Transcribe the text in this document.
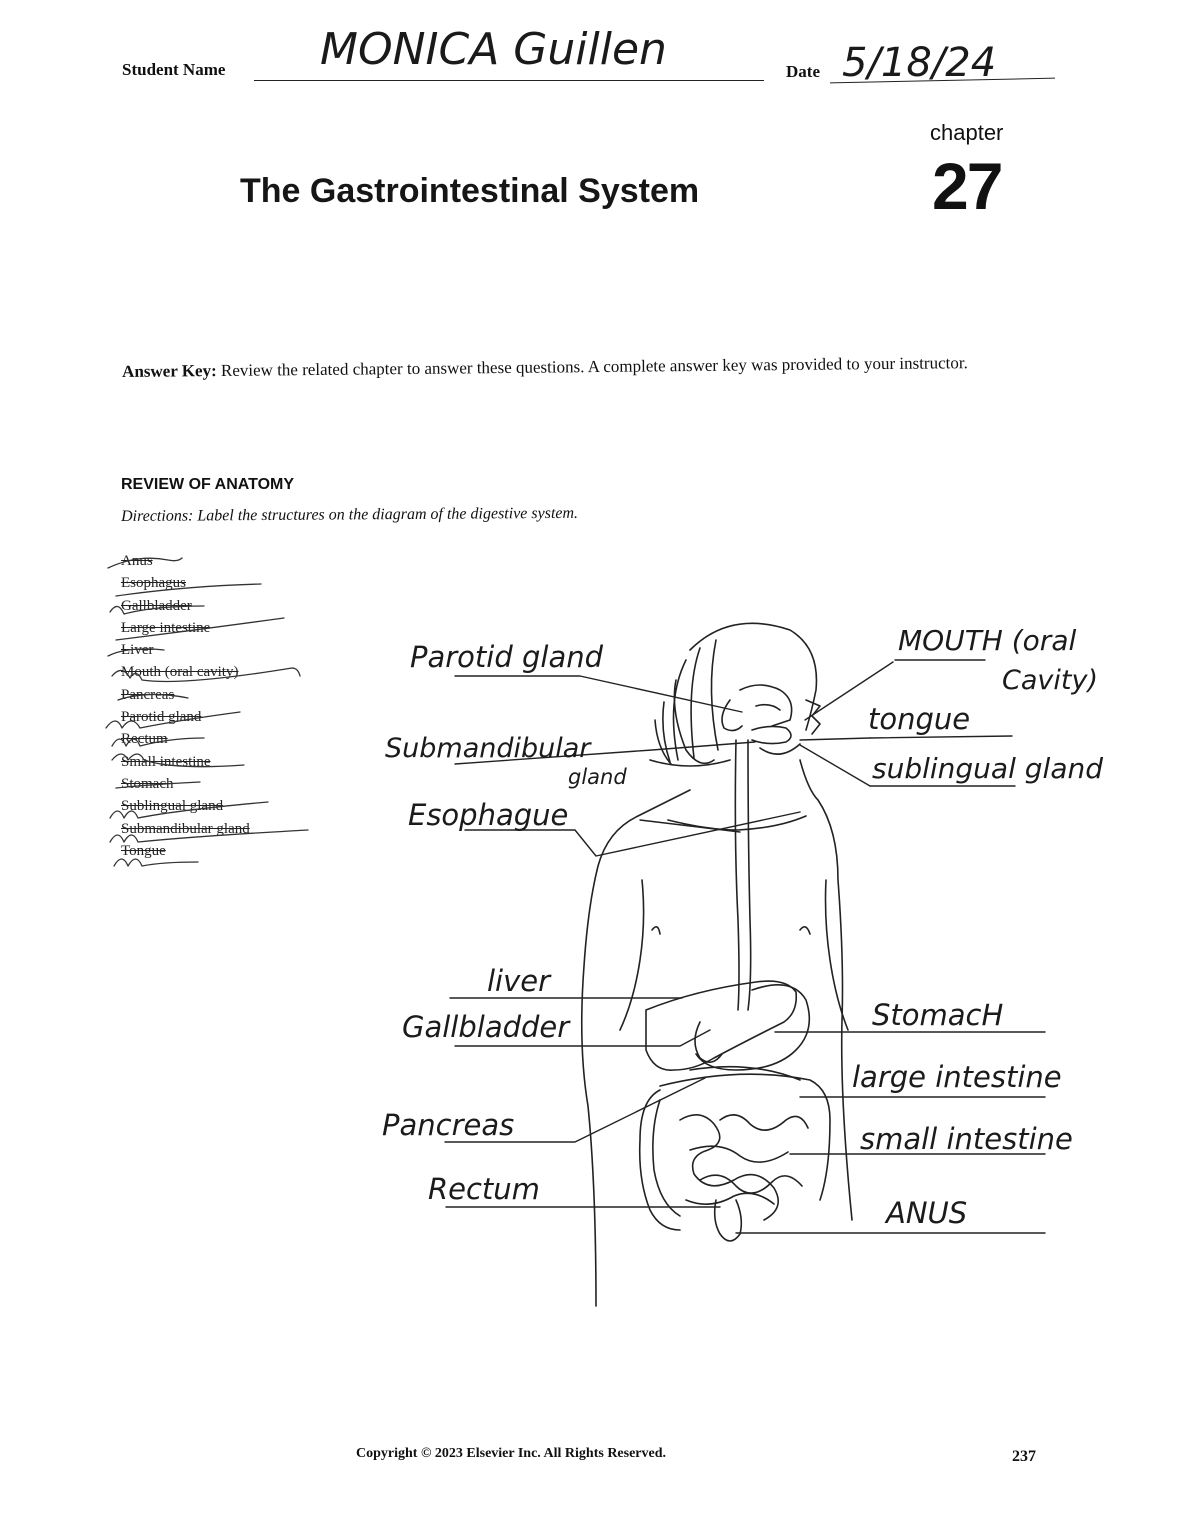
Student Name MONICA Guillen	Date 5/18/24
The Gastrointestinal System
chapter
27
Answer Key: Review the related chapter to answer these questions. A complete answer key was provided to your instructor.
REVIEW OF ANATOMY
Directions: Label the structures on the diagram of the digestive system.
Anus
Esophagus
Gallbladder
Large intestine
Liver
Mouth (oral cavity)
Pancreas
Parotid gland
Rectum
Small intestine
Stomach
Sublingual gland
Submandibular gland
Tongue
Parotid gland
Submandibular
gland
Esophague
liver
Gallbladder
Pancreas
Rectum
MOUTH (oral
Cavity)
tongue
sublingual gland
StomacH
large intestine
small intestine
ANUS
Copyright © 2023 Elsevier Inc. All Rights Reserved.	237
